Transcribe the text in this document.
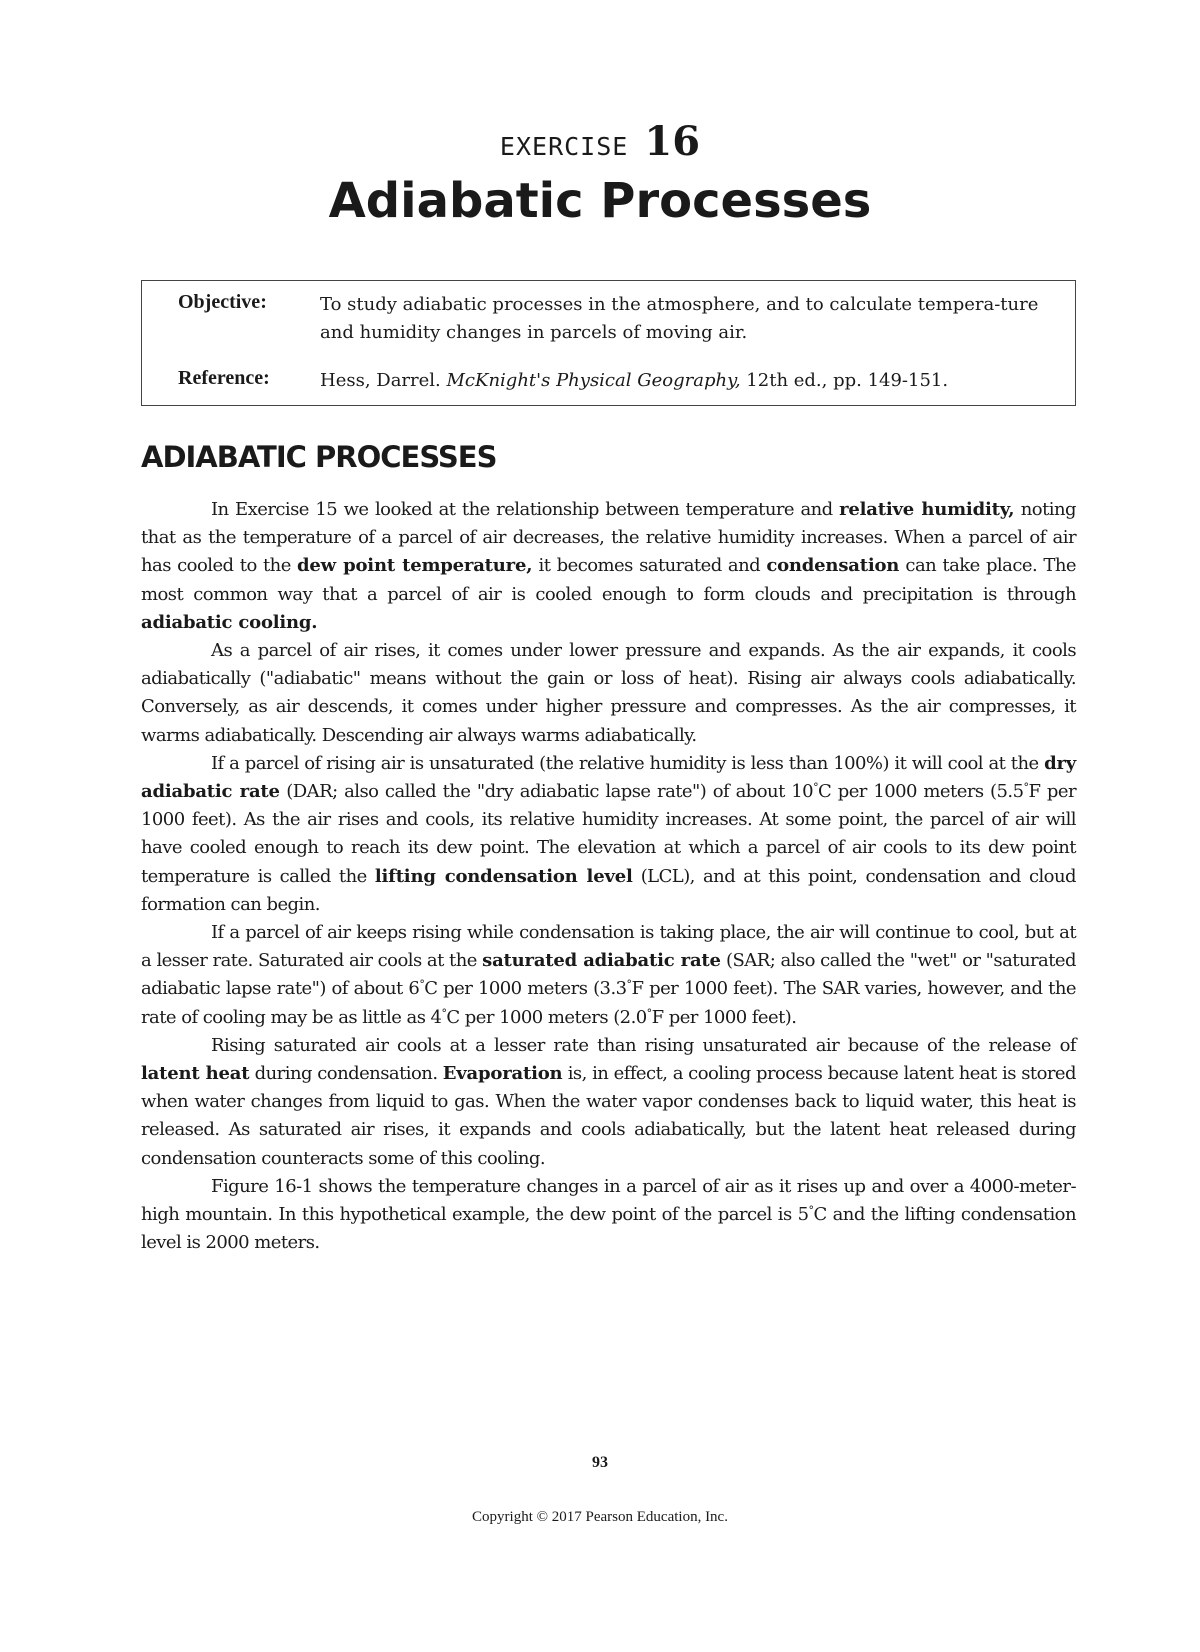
EXERCISE 16
Adiabatic Processes
Objective:	To study adiabatic processes in the atmosphere, and to calculate tempera-ture and humidity changes in parcels of moving air.
Reference:	Hess, Darrel. McKnight's Physical Geography, 12th ed., pp. 149-151.
ADIABATIC PROCESSES

In Exercise 15 we looked at the relationship between temperature and relative humidity, noting that as the temperature of a parcel of air decreases, the relative humidity increases. When a parcel of air has cooled to the dew point temperature, it becomes saturated and condensation can take place. The most common way that a parcel of air is cooled enough to form clouds and precipitation is through adiabatic cooling.

As a parcel of air rises, it comes under lower pressure and expands. As the air expands, it cools adiabatically ("adiabatic" means without the gain or loss of heat). Rising air always cools adiabatically. Conversely, as air descends, it comes under higher pressure and compresses. As the air compresses, it warms adiabatically. Descending air always warms adiabatically.

If a parcel of rising air is unsaturated (the relative humidity is less than 100%) it will cool at the dry adiabatic rate (DAR; also called the "dry adiabatic lapse rate") of about 10°C per 1000 meters (5.5°F per 1000 feet). As the air rises and cools, its relative humidity increases. At some point, the parcel of air will have cooled enough to reach its dew point. The elevation at which a parcel of air cools to its dew point temperature is called the lifting condensation level (LCL), and at this point, condensation and cloud formation can begin.

If a parcel of air keeps rising while condensation is taking place, the air will continue to cool, but at a lesser rate. Saturated air cools at the saturated adiabatic rate (SAR; also called the "wet" or "saturated adiabatic lapse rate") of about 6°C per 1000 meters (3.3°F per 1000 feet). The SAR varies, however, and the rate of cooling may be as little as 4°C per 1000 meters (2.0°F per 1000 feet).

Rising saturated air cools at a lesser rate than rising unsaturated air because of the release of latent heat during condensation. Evaporation is, in effect, a cooling process because latent heat is stored when water changes from liquid to gas. When the water vapor condenses back to liquid water, this heat is released. As saturated air rises, it expands and cools adiabatically, but the latent heat released during condensation counteracts some of this cooling.

Figure 16-1 shows the temperature changes in a parcel of air as it rises up and over a 4000-meter-high mountain. In this hypothetical example, the dew point of the parcel is 5°C and the lifting condensation level is 2000 meters.

93
Copyright © 2017 Pearson Education, Inc.
